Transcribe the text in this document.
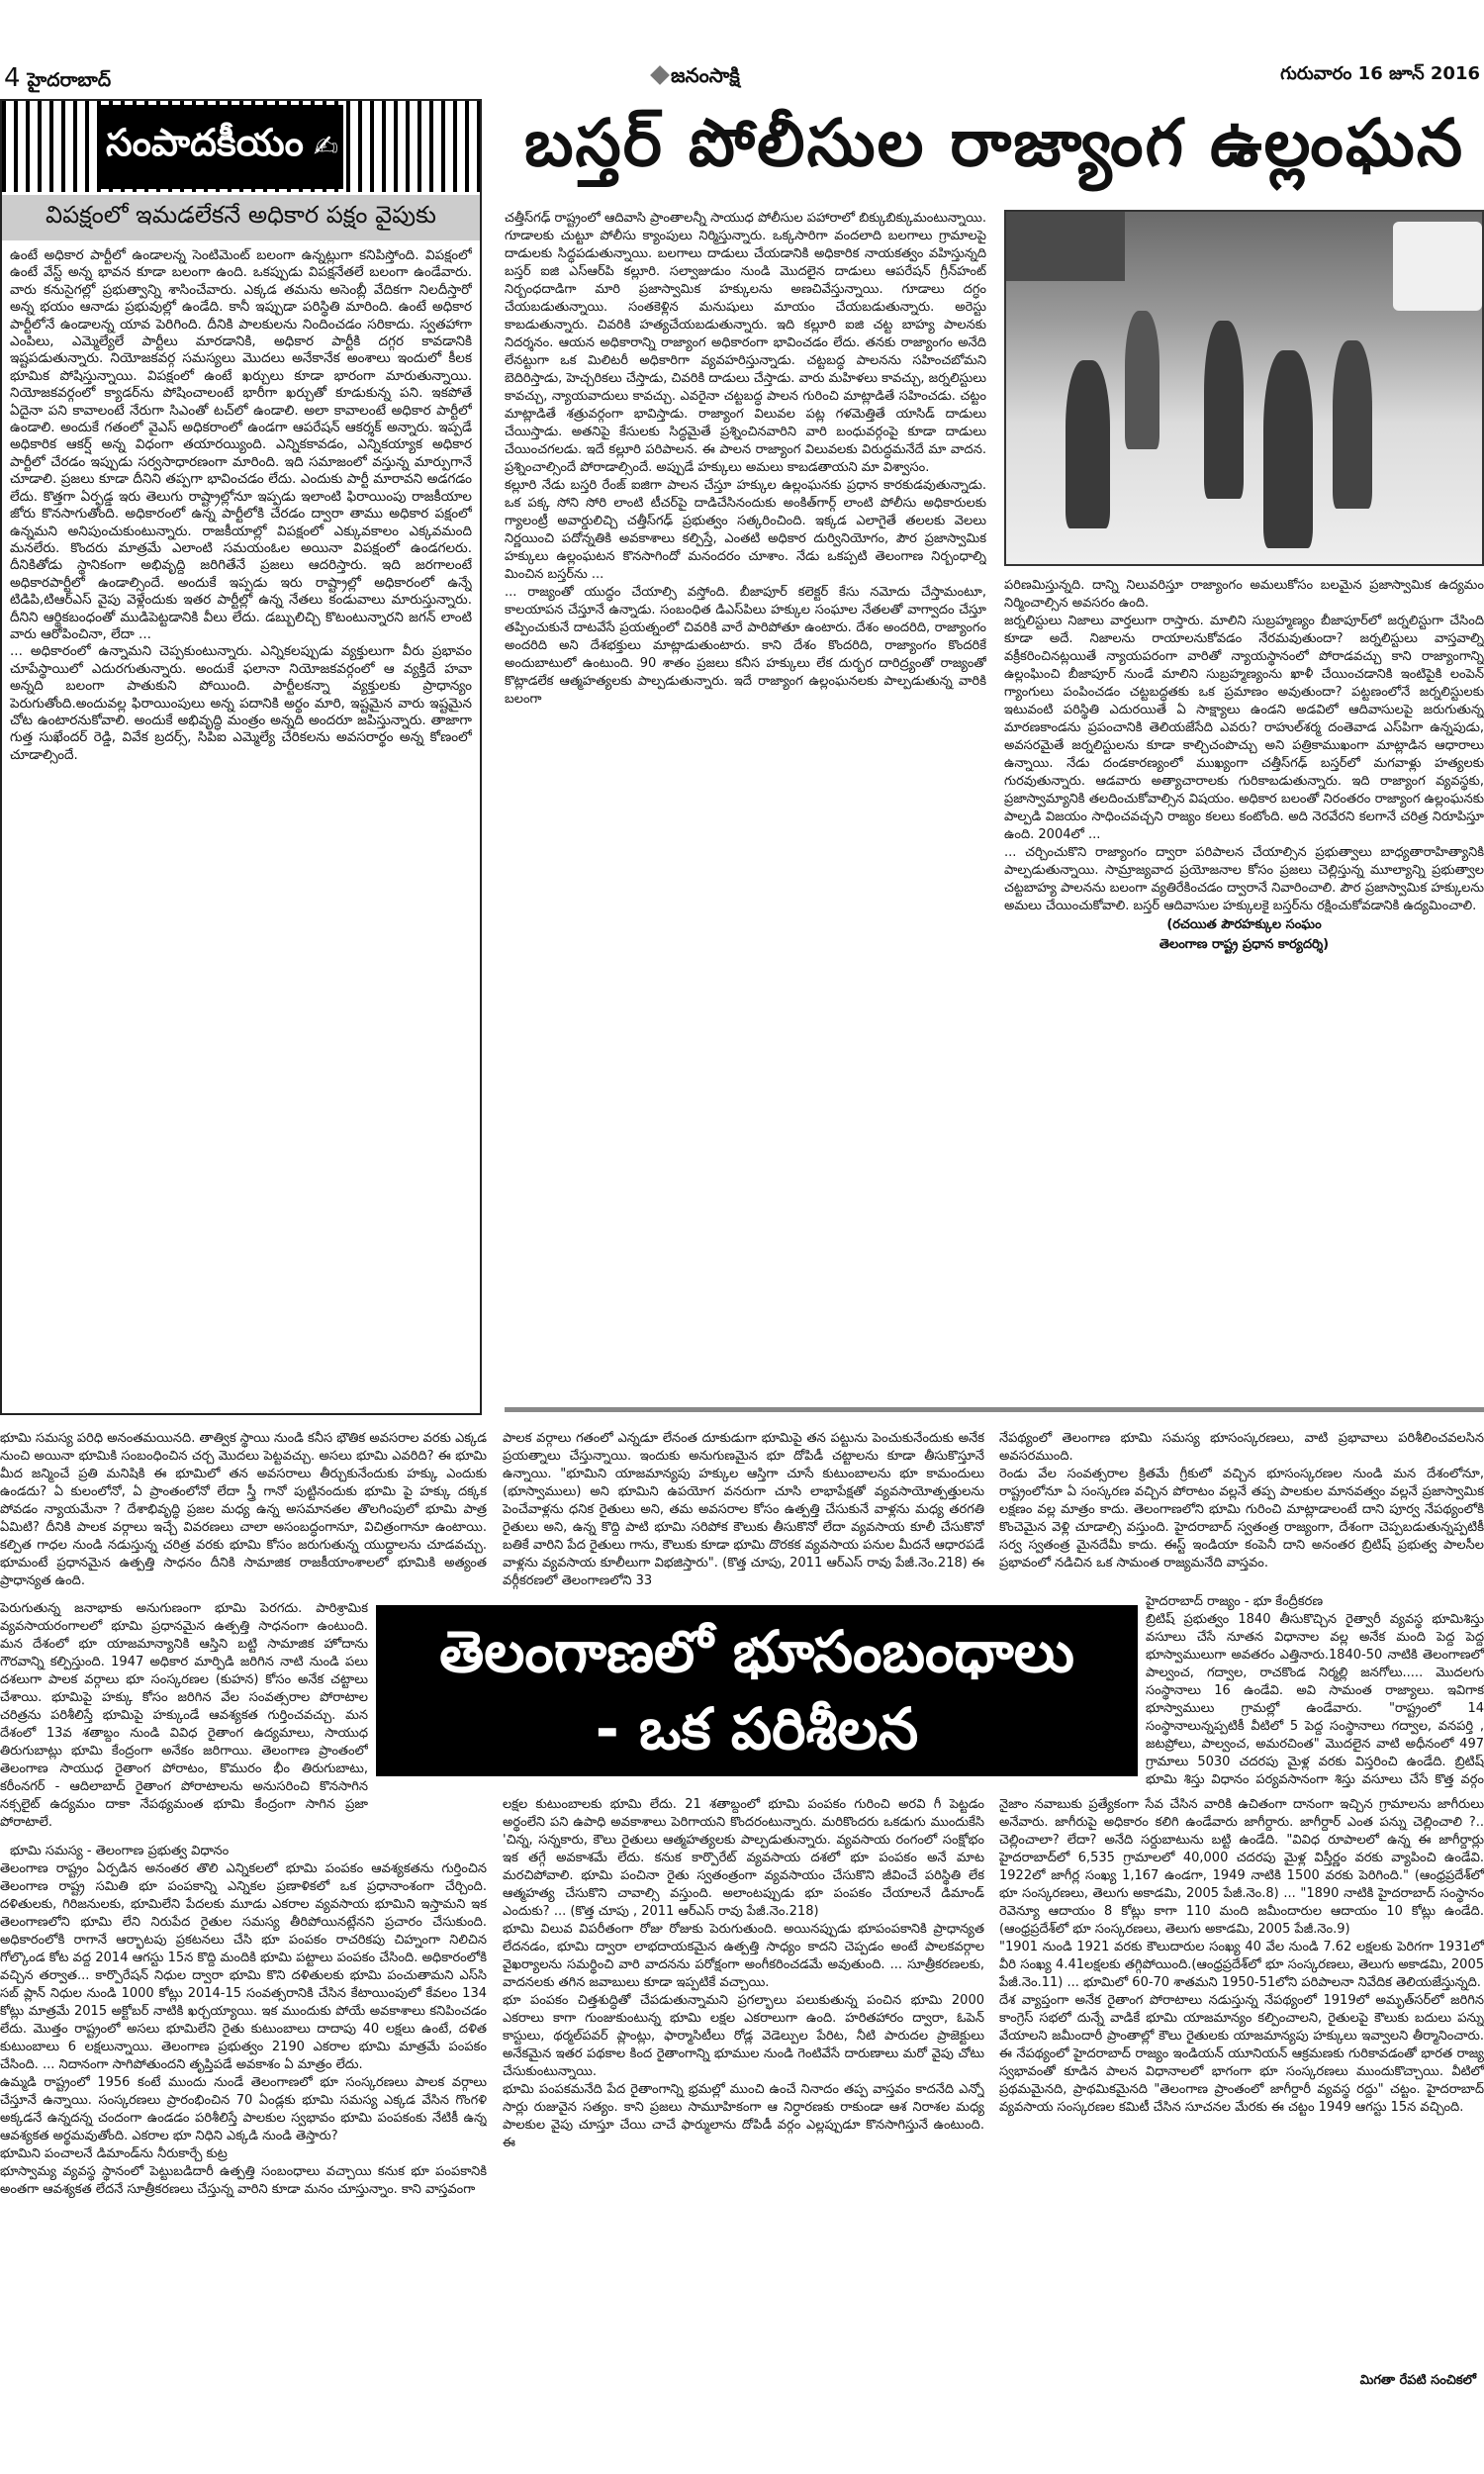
4 హైదరాబాద్	జనంసాక్షి	గురువారం 16 జూన్ 2016
సంపాదకీయం ✍
విపక్షంలో ఇమడలేకనే అధికార పక్షం వైపుకు

ఉంటే అధికార పార్టీలో ఉండాలన్న సెంటిమెంట్ బలంగా ఉన్నట్లుగా కనిపిస్తోంది. విపక్షంలో ఉంటే వేస్ట్ అన్న భావన కూడా బలంగా ఉంది. ఒకప్పుడు విపక్షనేతలే బలంగా ఉండేవారు. వారు కనుసైగల్లో ప్రభుత్వాన్ని శాసించేవారు. ఎక్కడ తమను అసెంబ్లీ వేదికగా నిలదీస్తారో అన్న భయం ఆనాడు ప్రభువుల్లో ఉండేది. కానీ ఇప్పుడా పరిస్థితి మారింది. ఉంటే అధికార పార్టీలోనే ఉండాలన్న యావ పెరిగింది. దీనికి పాలకులను నిందించడం సరికాదు. స్వతహాగా ఎంపిలు, ఎమ్మెల్యేలే పార్టీలు మారడానికి, అధికార పార్టీకి దగ్గర కావడానికి ఇష్టపడుతున్నారు. నియోజకవర్గ సమస్యలు మొదలు అనేకానేక అంశాలు ఇందులో కీలక భూమిక పోషిస్తున్నాయి. విపక్షంలో ఉంటే ఖర్చులు కూడా భారంగా మారుతున్నాయి. నియోజకవర్గంలో క్యాడర్‌ను పోషించాలంటే భారీగా ఖర్చుతో కూడుకున్న పని. ఇకపోతే ఏదైనా పని కావాలంటే నేరుగా సిఎంతో టచ్‌లో ఉండాలి. అలా కావాలంటే అధికార పార్టీలో ఉండాలి. అందుకే గతంలో వైఎస్ అధికరాంలో ఉండగా ఆపరేషన్ ఆకర్శక్ అన్నారు. ఇప్పడే అధికారిక ఆకర్ష్ అన్న విధంగా తయారయ్యింది. ఎన్నికకావడం, ఎన్నికయ్యాక అధికార పార్టీలో చేరడం ఇప్పుడు సర్వసాధారణంగా మారింది. ఇది సమాజంలో వస్తున్న మార్పుగానే చూడాలి. ప్రజలు కూడా దీనిని తప్పగా భావించడం లేదు. ఎందుకు పార్టీ మారావని అడగడం లేదు. కొత్తగా ఏర్పడ్డ ఇరు తెలుగు రాష్ట్రాల్లోనూ ఇప్పడు ఇలాంటి ఫిరాయింపు రాజకీయాల జోరు కొనసాగుతోంది. అధికారంలో ఉన్న పార్టీలోకి చేరడం ద్వారా తాము అధికార పక్షంలో ఉన్నమని అనిపుంచుకుంటున్నారు. రాజకీయాల్లో విపక్షంలో ఎక్కువకాలం ఎక్కవమంది మనలేరు. కొందరు మాత్రమే ఎలాంటి సమయంఓల అయినా విపక్షంలో ఉండగలరు. దీనికితోడు స్థానికంగా అభివృద్ది జరిగితేనే ప్రజలు ఆదరిస్తారు. ఇది జరగాలంటే అధికారపార్టీలో ఉండాల్సిందే. అందుకే ఇప్పడు ఇరు రాష్ట్రాల్లో అధికారంలో ఉన్నే టిడిపి,టిఆర్ఎస్ వైపు వెళ్లేందుకు ఇతర పార్టీల్లో ఉన్న నేతలు కండువాలు మారుస్తున్నారు. దీనిని ఆర్థికబంధంతో ముడిపెట్టడానికి వీలు లేదు. డబ్బులిచ్చి కొటంటున్నారని జగన్ లాంటి వారు ఆరోపించినా, లేదా ...

... అధికారంలో ఉన్నామని చెప్పకుంటున్నారు. ఎన్నికలప్పుడు వ్యక్తులుగా వీరు ప్రభావం చూపేస్థాయిలో ఎదురగుతున్నారు. అందుకే ఫలానా నియోజకవర్గంలో ఆ వ్యక్తిదే హవా అన్నది బలంగా పాతుకుని పోయింది. పార్టీలకన్నా వ్యక్తులకు ప్రాధాన్యం పెరుగుతోంది.అందువల్ల ఫిరాయింపులు అన్న పదానికి అర్థం మారి, ఇష్టమైన వారు ఇష్టమైన చోట ఉంటారనుకోవాలి. అందుకే అభివృద్ధి మంత్రం అన్నది అందరూ జపిస్తున్నారు. తాజాగా గుత్త సుఖేందర్ రెడ్డి, వివేక బ్రదర్స్, సిపిఐ ఎమ్మెల్యే చేరికలను అవసరార్థం అన్న కోణంలో చూడాల్సిందే.

బస్తర్ పోలీసుల రాజ్యాంగ ఉల్లంఘన

చత్తీస్‌గఢ్ రాష్ట్రంలో ఆదివాసి ప్రాంతాలన్నీ సాయుధ పోలీసుల పహారాలో బిక్కుబిక్కుమంటున్నాయి. గూడాలకు చుట్టూ పోలీసు క్యాంపులు నిర్మిస్తున్నారు. ఒక్కసారిగా వందలాది బలగాలు గ్రామాలపై దాడులకు సిద్ధపడుతున్నాయి. బలగాలు దాడులు చేయడానికి అధికారిక నాయకత్వం వహిస్తున్నది బస్తర్ ఐజి ఎస్‌ఆర్‌పి కల్లూరి. సల్వాజుడుం నుండి మొదలైన దాడులు ఆపరేషన్ గ్రీన్‌హంట్ నిర్బంధదాడిగా మారి ప్రజాస్వామిక హక్కులను అణచివేస్తున్నాయి. గూడాలు దగ్ధం చేయబడుతున్నాయి. సంతకెళ్లిన మనుషులు మాయం చేయబడుతున్నారు. అరెస్టు కాబడుతున్నారు. చివరికి హత్యచేయబడుతున్నారు. ఇది కల్లూరి ఐజి చట్ట బాహ్య పాలనకు నిదర్శనం. ఆయన అధికారాన్ని రాజ్యాంగ అధికారంగా భావించడం లేదు. తనకు రాజ్యాంగం అనేది లేనట్టుగా ఒక మిలిటరీ అధికారిగా వ్యవహరిస్తున్నాడు. చట్టబద్ధ పాలనను సహించబోమని బెదిరిస్తాడు, హెచ్చరికలు చేస్తాడు, చివరికి దాడులు చేస్తాడు. వారు మహిళలు కావచ్చు, జర్నలిస్టులు కావచ్చు, న్యాయవాదులు కావచ్చు. ఎవరైనా చట్టబద్ధ పాలన గురించి మాట్లాడితే సహించడు. చట్టం మాట్లాడితే శత్రువర్గంగా భావిస్తాడు. రాజ్యాంగ విలువల పట్ల గళమెత్తితే యాసిడ్ దాడులు చేయిస్తాడు. అతనిపై కేసులకు సిద్ధమైతే ప్రశ్నించినవారిని వారి బంధువర్గంపై కూడా దాడులు చేయించగలడు. ఇదే కల్లూరి పరిపాలన. ఈ పాలన రాజ్యాంగ విలువలకు విరుద్ధమనేదే మా వాదన. ప్రశ్నించాల్సిందే పోరాడాల్సిందే. అప్పుడే హక్కులు అమలు కాబడతాయని మా విశ్వాసం.

కల్లూరి నేడు బస్తరి రేంజ్ ఐజిగా పాలన చేస్తూ హక్కుల ఉల్లంఘనకు ప్రధాన కారకుడవుతున్నాడు. ఒక పక్క సోని సోరి లాంటి టీచర్‌పై దాడిచేసినందుకు అంకిత్‌గార్గ్ లాంటి పోలీసు అధికారులకు గ్యాలంట్రీ అవార్డులిచ్చి చత్తీస్‌గఢ్ ప్రభుత్వం సత్కరించింది. ఇక్కడ ఎలాగైతే తలలకు వెలలు నిర్ణయించి పదోన్నతికి అవకాశాలు కల్పిస్తే, ఎంతటి అధికార దుర్వినియోగం, పౌర ప్రజాస్వామిక హక్కులు ఉల్లంఘటన కొనసాగిందో మనందరం చూశాం. నేడు ఒకప్పటి తెలంగాణ నిర్బంధాల్ని మించిన బస్తర్‌ను ...

... రాజ్యంతో యుద్ధం చేయాల్సి వస్తోంది. బీజాపూర్ కలెక్టర్ కేసు నమోదు చేస్తామంటూ, కాలయాపన చేస్తూనే ఉన్నాడు. సంబంధిత డిఎస్‌పిలు హక్కుల సంఘాల నేతలతో వాగ్వాదం చేస్తూ తప్పించుకునే దాటవేసే ప్రయత్నంలో చివరికి వారే పారిపోతూ ఉంటారు. దేశం అందరిది, రాజ్యాంగం అందరిది అని దేశభక్తులు మాట్లాడుతుంటారు. కాని దేశం కొందరిది, రాజ్యాంగం కొందరికే అందుబాటులో ఉంటుంది. 90 శాతం ప్రజలు కనీస హక్కులు లేక దుర్భర దారిద్ర్యంతో రాజ్యంతో కొట్లాడలేక ఆత్మహత్యలకు పాల్పడుతున్నారు. ఇదే రాజ్యాంగ ఉల్లంఘనలకు పాల్పడుతున్న వారికి బలంగా

పరిణమిస్తున్నది. దాన్ని నిలువరిస్తూ రాజ్యాంగం అమలుకోసం బలమైన ప్రజాస్వామిక ఉద్యమం నిర్మించాల్సిన అవసరం ఉంది.

జర్నలిస్టులు నిజాలు వార్తలుగా రాస్తారు. మాలిని సుబ్రహ్మణ్యం బీజాపూర్‌లో జర్నలిస్టుగా చేసింది కూడా అదే. నిజాలను రాయాలనుకోవడం నేరమవుతుందా? జర్నలిస్టులు వాస్తవాల్ని వక్రీకరించినట్లయితే న్యాయపరంగా వారితో న్యాయస్థానంలో పోరాడవచ్చు కాని రాజ్యాంగాన్ని ఉల్లంఘించి బీజాపూర్ నుండే మాలిని సుబ్రహ్మణ్యంను ఖాళీ చేయించడానికి ఇంటిపైకి లంపెన్ గ్యాంగులు పంపించడం చట్టబద్ధతకు ఒక ప్రమాణం అవుతుందా? పట్టణంలోనే జర్నలిస్టులకు ఇటువంటి పరిస్థితి ఎదురయితే ఏ సాక్ష్యాలు ఉండని అడవిలో ఆదివాసులపై జరుగుతున్న మారణకాండను ప్రపంచానికి తెలియజేసేది ఎవరు? రాహుల్‌శర్మ దంతెవాడ ఎస్‌పిగా ఉన్నపుడు, అవసరమైతే జర్నలిస్టులను కూడా కాల్చిచంపొచ్చు అని పత్రికాముఖంగా మాట్లాడిన ఆధారాలు ఉన్నాయి. నేడు దండకారణ్యంలో ముఖ్యంగా చత్తీస్‌గఢ్ బస్తర్‌లో మగవాళ్లు హత్యలకు గురవుతున్నారు. ఆడవారు అత్యాచారాలకు గురికాబడుతున్నారు. ఇది రాజ్యాంగ వ్యవస్థకు, ప్రజాస్వామ్యానికి తలదించుకోవాల్సిన విషయం. అధికార బలంతో నిరంతరం రాజ్యాంగ ఉల్లంఘనకు పాల్పడి విజయం సాధించవచ్చని రాజ్యం కలలు కంటోంది. అది నెరవేరని కలగానే చరిత్ర నిరూపిస్తూ ఉంది. 2004లో ...

... చర్చించుకొని రాజ్యాంగం ద్వారా పరిపాలన చేయాల్సిన ప్రభుత్వాలు బాధ్యతారాహిత్యానికి పాల్పడుతున్నాయి. సామ్రాజ్యవాద ప్రయోజనాల కోసం ప్రజలు చెల్లిస్తున్న మూల్యాన్ని ప్రభుత్వాల చట్టబాహ్య పాలనను బలంగా వ్యతిరేకించడం ద్వారానే నివారించాలి. పౌర ప్రజాస్వామిక హక్కులను అమలు చేయించుకోవాలి. బస్తర్ ఆదివాసుల హక్కులకై బస్తర్‌ను రక్షించుకోవడానికి ఉద్యమించాలి.

(రచయిత పౌరహక్కుల సంఘం
తెలంగాణ రాష్ట్ర ప్రధాన కార్యదర్శి)
తెలంగాణలో భూసంబంధాలు
- ఒక పరిశీలన
భూమి సమస్య పరిధి అనంతమయినది. తాత్విక స్థాయి నుండి కనీస భౌతిక అవసరాల వరకు ఎక్కడ నుంచి అయినా భూమికి సంబంధించిన చర్చ మొదలు పెట్టవచ్చు. అసలు భూమి ఎవరిది? ఈ భూమి మీద జన్మించే ప్రతి మనిషికి ఈ భూమిలో తన అవసరాలు తీర్చుకునేందుకు హక్కు ఎందుకు ఉండదు? ఏ కులంలోనో, ఏ ప్రాంతంలోనో లేదా స్త్రీ గానో పుట్టినందుకు భూమి పై హక్కు దక్కక పోవడం న్యాయమేనా ? దేశాభివృద్ధి ప్రజల మధ్య ఉన్న అసమానతల తొలగింపులో భూమి పాత్ర ఏమిటి? దీనికి పాలక వర్గాలు ఇచ్చే వివరణలు చాలా అసంబద్ధంగానూ, విచిత్రంగానూ ఉంటాయి. కల్పిత గాధల నుండి నడుస్తున్న చరిత్ర వరకు భూమి కోసం జరుగుతున్న యుద్ధాలను చూడవచ్చు. భూమంటే ప్రధానమైన ఉత్పత్తి సాధనం దీనికి సామాజిక రాజకీయాంశాలలో భూమికి అత్యంత ప్రాధాన్యత ఉంది.
పెరుగుతున్న జనాభాకు అనుగుణంగా భూమి పెరగదు. పారిశ్రామిక వ్యవసాయరంగాలలో భూమి ప్రధానమైన ఉత్పత్తి సాధనంగా ఉంటుంది. మన దేశంలో భూ యాజమాన్యానికి ఆస్తిని బట్టి సామాజిక హోదాను గౌరవాన్ని కల్పిస్తుంది. 1947 అధికార మార్పిడి జరిగిన నాటి నుండి పలు దశలుగా పాలక వర్గాలు భూ సంస్కరణల (కుహన) కోసం అనేక చట్టాలు చేశాయి. భూమిపై హక్కు కోసం జరిగిన వేల సంవత్సరాల పోరాటాల చరిత్రను పరిశీలిస్తే భూమిపై హక్కుండే ఆవశ్యకత గుర్తించవచ్చు. మన దేశంలో 13వ శతాబ్దం నుండి వివిధ రైతాంగ ఉద్యమాలు, సాయుధ తిరుగుబాట్లు భూమి కేంద్రంగా అనేకం జరిగాయి. తెలంగాణ ప్రాంతంలో తెలంగాణ సాయుధ రైతాంగ పోరాటం, కొమురం భీం తిరుగుబాటు, కరీంనగర్ - ఆదిలాబాద్ రైతాంగ పోరాటాలను అనుసరించి కొనసాగిన నక్సలైట్ ఉద్యమం దాకా నేపథ్యమంత భూమి కేంద్రంగా సాగిన ప్రజా పోరాటాలే.

భూమి సమస్య - తెలంగాణ ప్రభుత్వ విధానం

తెలంగాణ రాష్ట్రం ఏర్పడిన అనంతర తొలి ఎన్నికలలో భూమి పంపకం ఆవశ్యకతను గుర్తించిన తెలంగాణ రాష్ట్ర సమితి భూ పంపకాన్ని ఎన్నికల ప్రణాళికలో ఒక ప్రధానాంశంగా చేర్చింది. దళితులకు, గిరిజనులకు, భూమిలేని పేదలకు మూడు ఎకరాల వ్యవసాయ భూమిని ఇస్తామని ఇక తెలంగాణలోని భూమి లేని నిరుపేద రైతుల సమస్య తీరిపోయినట్లేనని ప్రచారం చేసుకుంది. అధికారంలోకి రాగానే ఆర్భాటపు ప్రకటనలు చేసి భూ పంపకం రాచరికపు చిహ్నంగా నిలిచిన గోల్కొండ కోట వద్ద 2014 ఆగస్టు 15న కొద్ది మందికి భూమి పట్టాలు పంపకం చేసింది. అధికారంలోకి వచ్చిన తర్వాత... కార్పొరేషన్ నిధుల ద్వారా భూమి కొని దళితులకు భూమి పంచుతామని ఎస్‌సి సబ్ ప్లాన్ నిధుల నుండి 1000 కోట్లు 2014-15 సంవత్సరానికి చేసిన కేటాయింపులో కేవలం 134 కోట్లు మాత్రమే 2015 అక్టోబర్ నాటికి ఖర్చయ్యాయి. ఇక ముందుకు పోయే అవకాశాలు కనిపించడం లేదు. మొత్తం రాష్ట్రంలో అసలు భూమిలేని రైతు కుటుంబాలు దాదాపు 40 లక్షలు ఉంటే, దళిత కుటుంబాలు 6 లక్షలున్నాయి. తెలంగాణ ప్రభుత్వం 2190 ఎకరాల భూమి మాత్రమే పంపకం చేసింది. ... నిదానంగా సాగిపోతుందని తృప్తిపడే అవకాశం ఏ మాత్రం లేదు.

ఉమ్మడి రాష్ట్రంలో 1956 కంటే ముందు నుండే తెలంగాణలో భూ సంస్కరణలు పాలక వర్గాలు చేస్తూనే ఉన్నాయి. సంస్కరణలు ప్రారంభించిన 70 ఏండ్లకు భూమి సమస్య ఎక్కడ వేసిన గొంగళి అక్కడనే ఉన్నదన్న చందంగా ఉండడం పరిశీలిస్తే పాలకుల స్వభావం భూమి పంపకంకు నేటికీ ఉన్న ఆవశ్యకత అర్థమవుతోంది. ఎకరాల భూ నిధిని ఎక్కడి నుండి తెస్తారు?

భూమిని పంచాలనే డిమాండ్‌ను నీరుకార్చే కుట్ర

భూస్వామ్య వ్యవస్థ స్థానంలో పెట్టుబడిదారీ ఉత్పత్తి సంబంధాలు వచ్చాయి కనుక భూ పంపకానికి అంతగా ఆవశ్యకత లేదనే సూత్రీకరణలు చేస్తున్న వారిని కూడా మనం చూస్తున్నాం. కాని వాస్తవంగా

పాలక వర్గాలు గతంలో ఎన్నడూ లేనంత దూకుడుగా భూమిపై తన పట్టును పెంచుకునేందుకు అనేక ప్రయత్నాలు చేస్తున్నాయి. ఇందుకు అనుగుణమైన భూ దోపిడీ చట్టాలను కూడా తీసుకొస్తూనే ఉన్నాయి. "భూమిని యాజమాన్యపు హక్కుల ఆస్తిగా చూసే కుటుంబాలను భూ కామందులు (భూస్వాములు) అని భూమిని ఉపయోగ వనరుగా చూసి లాభాపేక్షతో వ్యవసాయోత్పత్తులను పెంచేవాళ్లను ధనిక రైతులు అని, తమ అవసరాల కోసం ఉత్పత్తి చేసుకునే వాళ్లను మధ్య తరగతి రైతులు అని, ఉన్న కొద్ది పాటి భూమి సరిపోక కౌలుకు తీసుకొనో లేదా వ్యవసాయ కూలీ చేసుకొనో బతికే వారిని పేద రైతులు గాను, కౌలుకు కూడా భూమి దొరకక వ్యవసాయ పనుల మీదనే ఆధారపడే వాళ్లను వ్యవసాయ కూలీలుగా విభజిస్తారు". (కొత్త చూపు, 2011 ఆర్‌ఎస్ రావు పేజీ.నెం.218) ఈ వర్గీకరణలో తెలంగాణలోని 33

లక్షల కుటుంబాలకు భూమి లేదు. 21 శతాబ్దంలో భూమి పంపకం గురించి అరవి గీ పెట్టడం అర్థంలేని పని ఉపాధి అవకాశాలు పెరిగాయని కొందరంటున్నారు. మరికొందరు ఒకడుగు ముందుకేసి 'చిన్న, సన్నకారు, కౌలు రైతులు ఆత్మహత్యలకు పాల్పడుతున్నారు. వ్యవసాయ రంగంలో సంక్షోభం ఇక తగ్గే అవకాశమే లేదు. కనుక కార్పొరేట్ వ్యవసాయ దశలో భూ పంపకం అనే మాట మరచిపోవాలి. భూమి పంచినా రైతు స్వతంత్రంగా వ్యవసాయం చేసుకొని జీవించే పరిస్థితి లేక ఆత్మహత్య చేసుకొని చావాల్సి వస్తుంది. అలాంటప్పుడు భూ పంపకం చేయాలనే డిమాండ్ ఎందుకు? ... (కొత్త చూపు , 2011 ఆర్‌ఎస్ రావు పేజీ.నెం.218)

భూమి విలువ విపరీతంగా రోజు రోజుకు పెరుగుతుంది. అయినప్పుడు భూపంపకానికి ప్రాధాన్యత లేదనడం, భూమి ద్వారా లాభదాయకమైన ఉత్పత్తి సాధ్యం కాదని చెప్పడం అంటే పాలకవర్గాల వైఖర్యాలను సమర్థించి వారి వాదనను పరోక్షంగా అంగీకరించడమే అవుతుంది. ... సూత్రీకరణలకు, వాదనలకు తగిన జవాబులు కూడా ఇప్పటికే వచ్చాయి.

భూ పంపకం చిత్తశుద్ధితో చేపడుతున్నామని ప్రగల్భాలు పలుకుతున్న పంచిన భూమి 2000 ఎకరాలు కాగా గుంజుకుంటున్న భూమి లక్షల ఎకరాలుగా ఉంది. హరితహారం ద్వారా, ఓపెన్ కాస్టులు, థర్మల్‌పవర్ ప్లాంట్లు, ఫార్మాసిటీలు రోడ్ల వెడెల్పుల పేరిట, నీటి పారుదల ప్రాజెక్టులు అనేకమైన ఇతర పథకాల కింద రైతాంగాన్ని భూముల నుండి గెంటివేసే దారుణాలు మరో వైపు చోటు చేసుకుంటున్నాయి.

భూమి పంపకమనేది పేద రైతాంగాన్ని భ్రమల్లో ముంచి ఉంచే నినాదం తప్ప వాస్తవం కాదనేది ఎన్నో సార్లు రుజువైన సత్యం. కాని ప్రజలు సామూహికంగా ఆ నిర్ధారణకు రాకుండా ఆశ నిరాశల మధ్య పాలకుల వైపు చూస్తూ చేయి చాచే ఫార్ములాను దోపిడీ వర్గం ఎల్లప్పుడూ కొనసాగిస్తునే ఉంటుంది. ఈ

నేపథ్యంలో తెలంగాణ భూమి సమస్య భూసంస్కరణలు, వాటి ప్రభావాలు పరిశీలించవలసిన అవసరముంది.

రెండు వేల సంవత్సరాల క్రితమే గ్రీకులో వచ్చిన భూసంస్కరణల నుండి మన దేశంలోనూ, రాష్ట్రంలోనూ ఏ సంస్కరణ వచ్చిన పోరాటం వల్లనే తప్ప పాలకుల మానవత్వం వల్లనే ప్రజాస్వామిక లక్షణం వల్ల మాత్రం కాదు. తెలంగాణలోని భూమి గురించి మాట్లాడాలంటే దాని పూర్వ నేపథ్యంలోకి కొంచెమైన వెళ్లి చూడాల్సి వస్తుంది. హైదరాబాద్ స్వతంత్ర రాజ్యంగా, దేశంగా చెప్పబడుతున్నప్పటికీ సర్వ స్వతంత్ర మైనదేమీ కాదు. ఈస్ట్ ఇండియా కంపెనీ దాని అనంతర బ్రిటిష్ ప్రభుత్వ పాలసీల ప్రభావంలో నడిచిన ఒక సామంత రాజ్యమనేది వాస్తవం.

హైదరాబాద్ రాజ్యం - భూ కేంద్రీకరణ

బ్రిటిష్ ప్రభుత్వం 1840 తీసుకొచ్చిన రైత్వారీ వ్యవస్థ భూమిశిస్తు వసూలు చేసే నూతన విధానాల వల్ల అనేక మంది పెద్ద పెద్ద భూస్వాములుగా అవతరం ఎత్తినారు.1840-50 నాటికి తెలంగాణలో పాల్వంచ, గద్వాల, రాచకొండ నిర్మల్లి జనగోలు..... మొదలగు సంస్థానాలు 16 ఉండేవి. అవి సామంత రాజ్యాలు. ఇవిగాక భూస్వాములు గ్రామల్లో ఉండేవారు. "రాష్ట్రంలో 14 సంస్థానాలున్నప్పటికీ వీటిలో 5 పెద్ద సంస్థానాలు గద్వాల, వనపర్తి , జటప్రోలు, పాల్వంచ, అమరచింత" మొదలైన వాటి అధీనంలో 497 గ్రామాలు 5030 చదరపు మైళ్ల వరకు విస్తరించి ఉండేది. బ్రిటిష్ భూమి శిస్తు విధానం పర్యవసానంగా శిస్తు వసూలు చేసే కొత్త వర్గం

నైజాం నవాబుకు ప్రత్యేకంగా సేవ చేసిన వారికి ఉచితంగా దానంగా ఇచ్చిన గ్రామాలను జాగీరులు అనేవారు. జాగీరుపై అధికారం కలిగి ఉండేవారు జాగీర్దారు. జాగీర్దార్ ఎంత పన్ను చెల్లించాలి ?.. చెల్లించాలా? లేదా? అనేది సర్దుబాటును బట్టి ఉండేది. "వివిధ రూపాలలో ఉన్న ఈ జాగీర్దార్లు హైదరాబాద్‌లో 6,535 గ్రామాలలో 40,000 చదరపు మైళ్ల విస్తీర్ణం వరకు వ్యాపించి ఉండేవి. 1922లో జాగీర్ల సంఖ్య 1,167 ఉండగా, 1949 నాటికి 1500 వరకు పెరిగింది." (ఆంధ్రప్రదేశ్‌లో భూ సంస్కరణలు, తెలుగు అకాడమి, 2005 పేజీ.నెం.8) ... "1890 నాటికి హైదరాబాద్ సంస్థానం రెవెన్యూ ఆదాయం 8 కోట్లు కాగా 110 మంది జమీందారుల ఆదాయం 10 కోట్లు ఉండేది. (ఆంధ్రప్రదేశ్‌లో భూ సంస్కరణలు, తెలుగు అకాడమి, 2005 పేజీ.నెం.9)

"1901 నుండి 1921 వరకు కౌలుదారుల సంఖ్య 40 వేల నుండి 7.62 లక్షలకు పెరిగగా 1931లో వీరి సంఖ్య 4.41లక్షలకు తగ్గిపోయింది.(ఆంధ్రప్రదేశ్‌లో భూ సంస్కరణలు, తెలుగు అకాడమి, 2005 పేజీ.నెం.11) ... భూమిలో 60-70 శాతమని 1950-51లోని పరిపాలనా నివేదిక తెలియజేస్తున్నది.

దేశ వ్యాప్తంగా అనేక రైతాంగ పోరాటాలు నడుస్తున్న నేపథ్యంలో 1919లో అమృత్‌సర్‌లో జరిగిన కాంగ్రెస్ సభలో దున్నే వాడికే భూమి యాజమాన్యం కల్పించాలని, రైతులపై కౌలుకు బదులు పన్ను వేయాలని జమీందారీ ప్రాంతాల్లో కౌలు రైతులకు యాజమాన్యపు హక్కులు ఇవ్వాలని తీర్మానించారు. ఈ నేపథ్యంలో హైదరాబాద్ రాజ్యం ఇండియన్ యూనియన్ ఆక్రమణకు గురికావడంతో భారత రాజ్య స్వభావంతో కూడిన పాలన విధానాలలో భాగంగా భూ సంస్కరణలు ముందుకొచ్చాయి. వీటిలో ప్రథమమైనది, ప్రాథమికమైనది "తెలంగాణ ప్రాంతంలో జాగీర్దారీ వ్యవస్థ రద్దు" చట్టం. హైదరాబాద్ వ్యవసాయ సంస్కరణల కమిటీ చేసిన సూచనల మేరకు ఈ చట్టం 1949 ఆగస్టు 15న వచ్చింది.

మిగతా రేపటి సంచికలో
